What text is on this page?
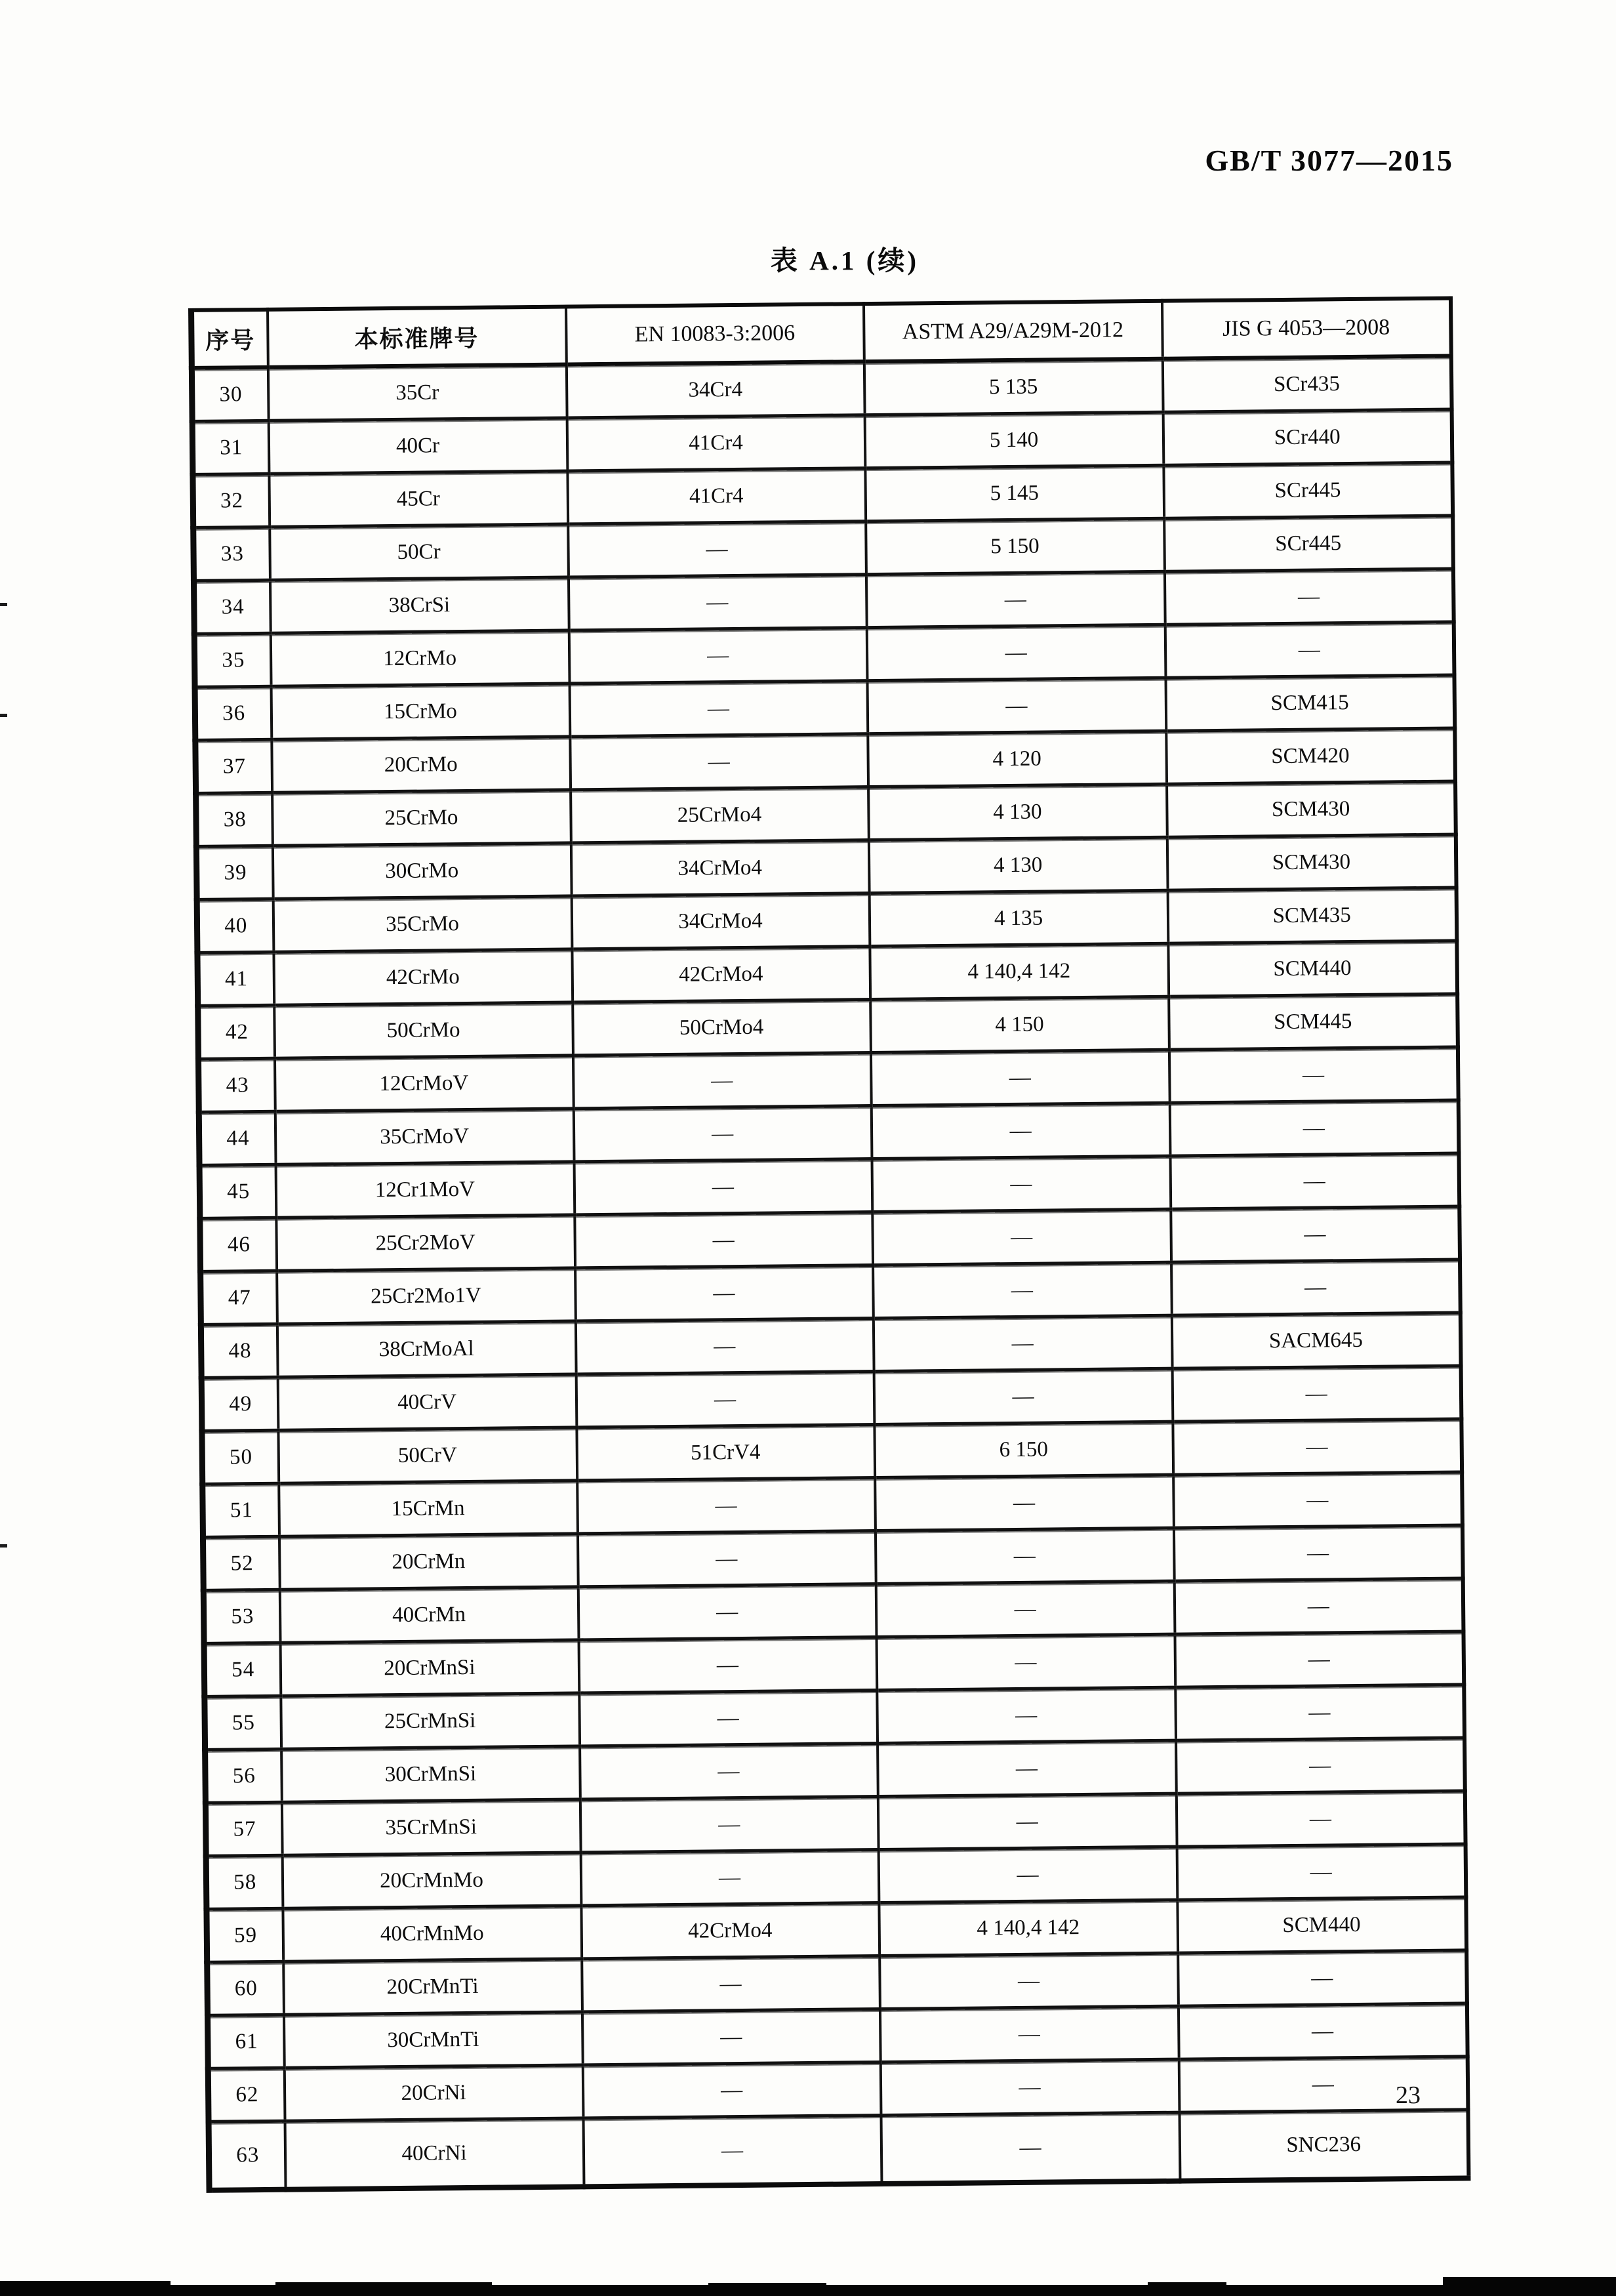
GB/T 3077—2015
表 A.1 (续)
序号	本标准牌号	EN 10083-3:2006	ASTM A29/A29M-2012	JIS G 4053—2008
30	35Cr	34Cr4	5 135	SCr435
31	40Cr	41Cr4	5 140	SCr440
32	45Cr	41Cr4	5 145	SCr445
33	50Cr	—	5 150	SCr445
34	38CrSi	—	—	—
35	12CrMo	—	—	—
36	15CrMo	—	—	SCM415
37	20CrMo	—	4 120	SCM420
38	25CrMo	25CrMo4	4 130	SCM430
39	30CrMo	34CrMo4	4 130	SCM430
40	35CrMo	34CrMo4	4 135	SCM435
41	42CrMo	42CrMo4	4 140,4 142	SCM440
42	50CrMo	50CrMo4	4 150	SCM445
43	12CrMoV	—	—	—
44	35CrMoV	—	—	—
45	12Cr1MoV	—	—	—
46	25Cr2MoV	—	—	—
47	25Cr2Mo1V	—	—	—
48	38CrMoAl	—	—	SACM645
49	40CrV	—	—	—
50	50CrV	51CrV4	6 150	—
51	15CrMn	—	—	—
52	20CrMn	—	—	—
53	40CrMn	—	—	—
54	20CrMnSi	—	—	—
55	25CrMnSi	—	—	—
56	30CrMnSi	—	—	—
57	35CrMnSi	—	—	—
58	20CrMnMo	—	—	—
59	40CrMnMo	42CrMo4	4 140,4 142	SCM440
60	20CrMnTi	—	—	—
61	30CrMnTi	—	—	—
62	20CrNi	—	—	—
63	40CrNi	—	—	SNC236
23
